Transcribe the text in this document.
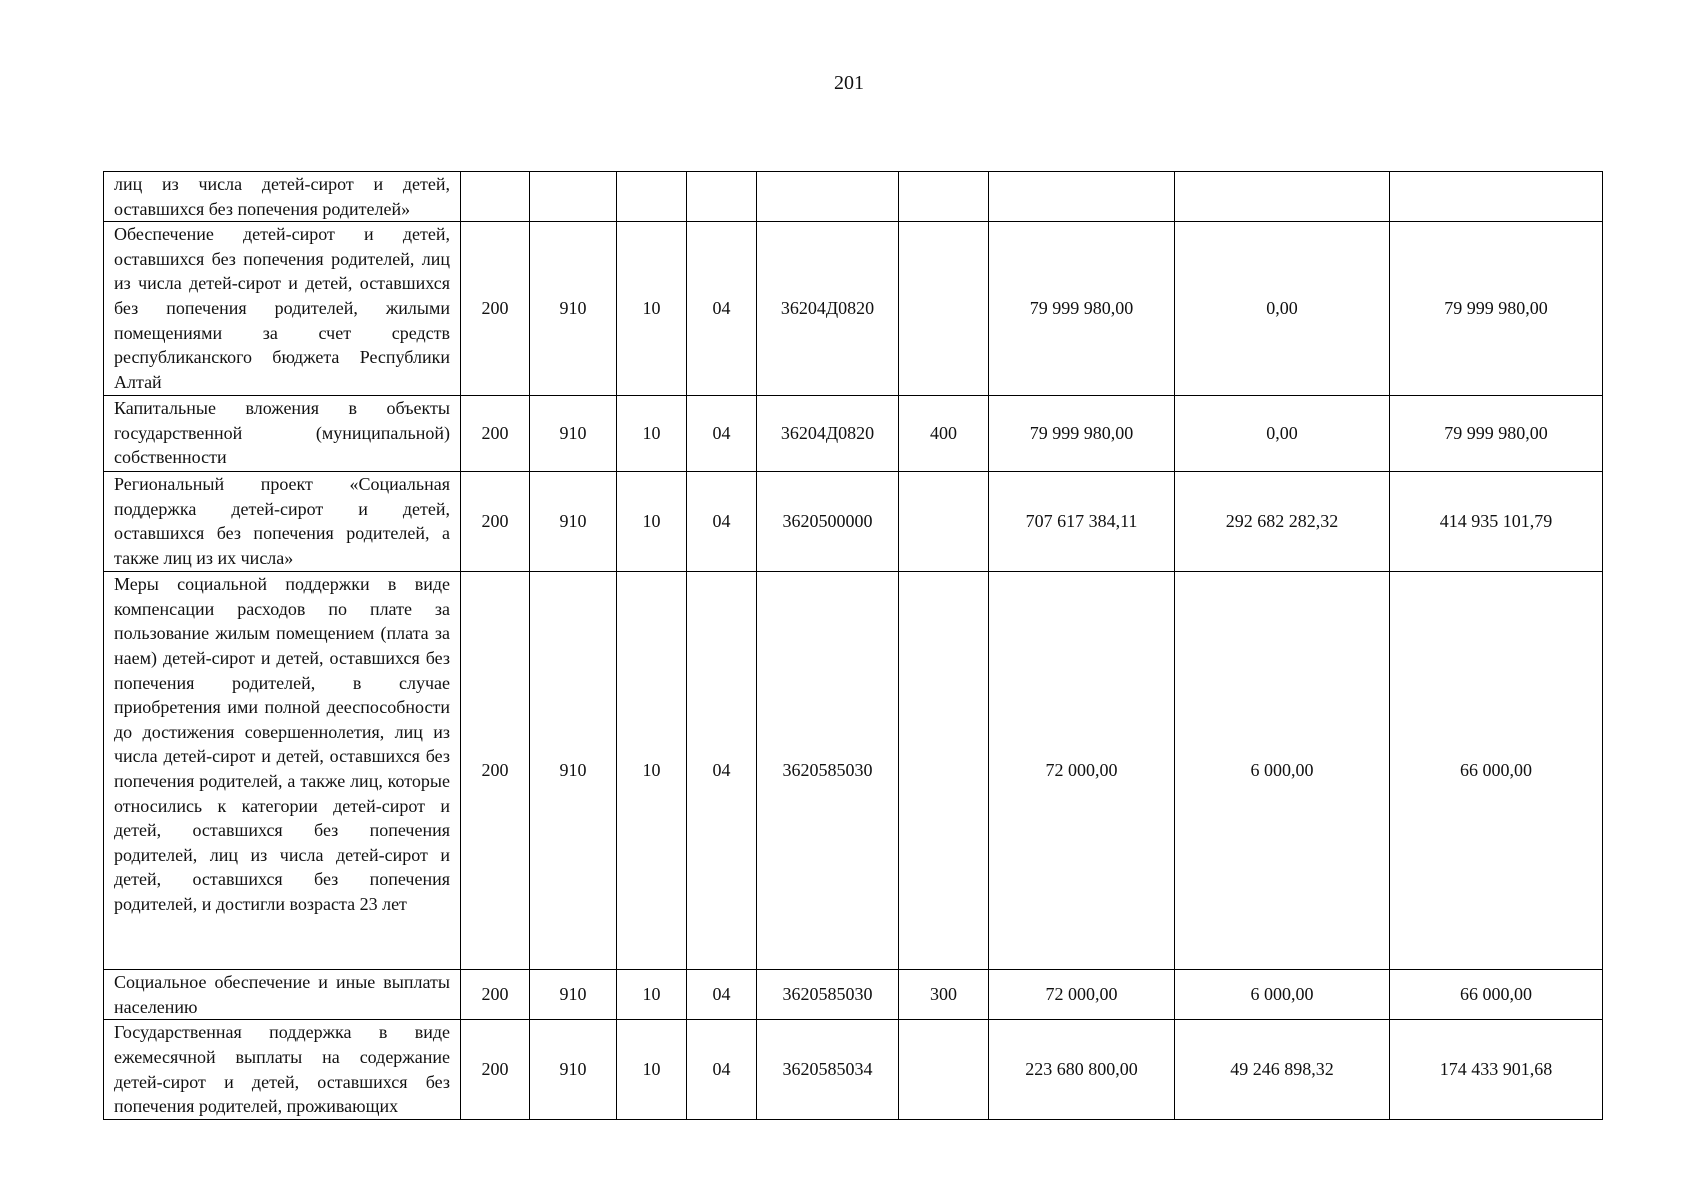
201
лиц из числа детей-сирот и детей, оставшихся без попечения родителей»									
Обеспечение детей-сирот и детей, оставшихся без попечения родителей, лиц из числа детей-сирот и детей, оставшихся без попечения родителей, жилыми помещениями за счет средств республиканского бюджета Республики Алтай	200	910	10	04	36204Д0820		79 999 980,00	0,00	79 999 980,00
Капитальные вложения в объекты государственной (муниципальной) собственности	200	910	10	04	36204Д0820	400	79 999 980,00	0,00	79 999 980,00
Региональный проект «Социальная поддержка детей-сирот и детей, оставшихся без попечения родителей, а также лиц из их числа»	200	910	10	04	3620500000		707 617 384,11	292 682 282,32	414 935 101,79
Меры социальной поддержки в виде компенсации расходов по плате за пользование жилым помещением (плата за наем) детей-сирот и детей, оставшихся без попечения родителей, в случае приобретения ими полной дееспособности до достижения совершеннолетия, лиц из числа детей-сирот и детей, оставшихся без попечения родителей, а также лиц, которые относились к категории детей-сирот и детей, оставшихся без попечения родителей, лиц из числа детей-сирот и детей, оставшихся без попечения родителей, и достигли возраста 23 лет	200	910	10	04	3620585030		72 000,00	6 000,00	66 000,00
Социальное обеспечение и иные выплаты населению	200	910	10	04	3620585030	300	72 000,00	6 000,00	66 000,00
Государственная поддержка в виде ежемесячной выплаты на содержание детей-сирот и детей, оставшихся без попечения родителей, проживающих	200	910	10	04	3620585034		223 680 800,00	49 246 898,32	174 433 901,68
